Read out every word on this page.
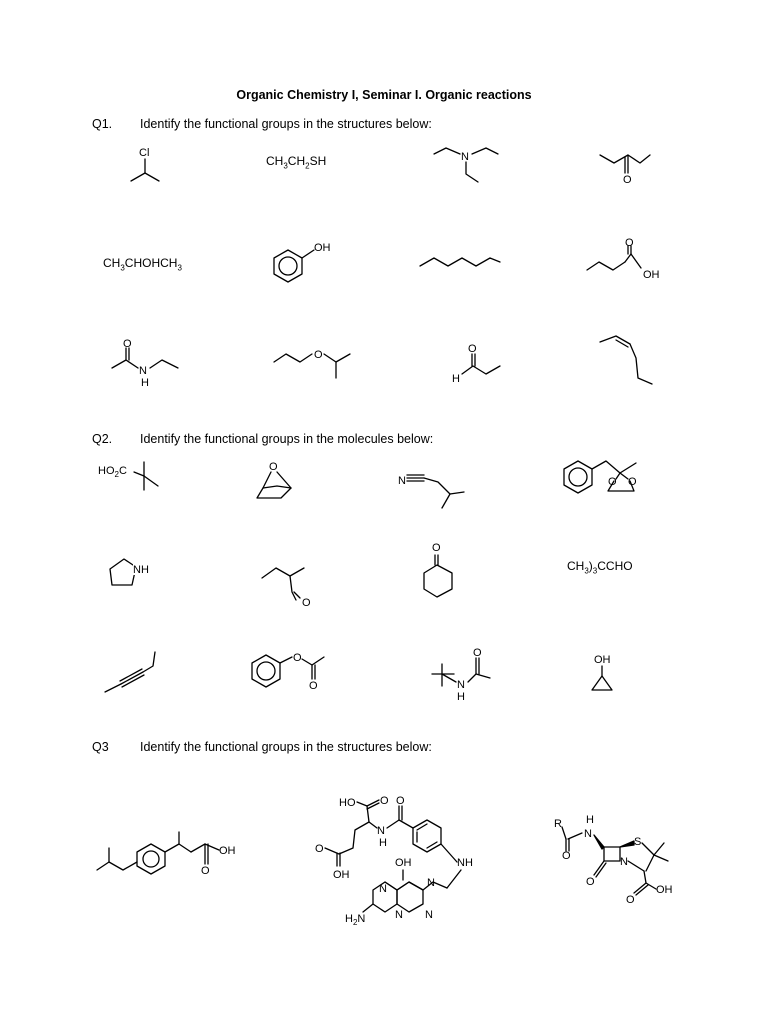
Organic Chemistry I, Seminar I. Organic reactions
Q1. Identify the functional groups in the structures below:
Q2. Identify the functional groups in the molecules below:
Q3	Identify the functional groups in the structures below:
Cl
$CH_3CH_2SH$	N
O
$CH_3CHOHCH_3$
OH	O
OH
O
N
H
O	O
H
$HO_2C$	O
N	O O
NH
O
O
$CH_3)_3CCHO$
O
O
O
N
H
OH
OH
O
HO O
O
OH
N
H
O
NH
OH
N	N
N N
$H_2N$
R
O
N
H
O
S
N
O
OH
